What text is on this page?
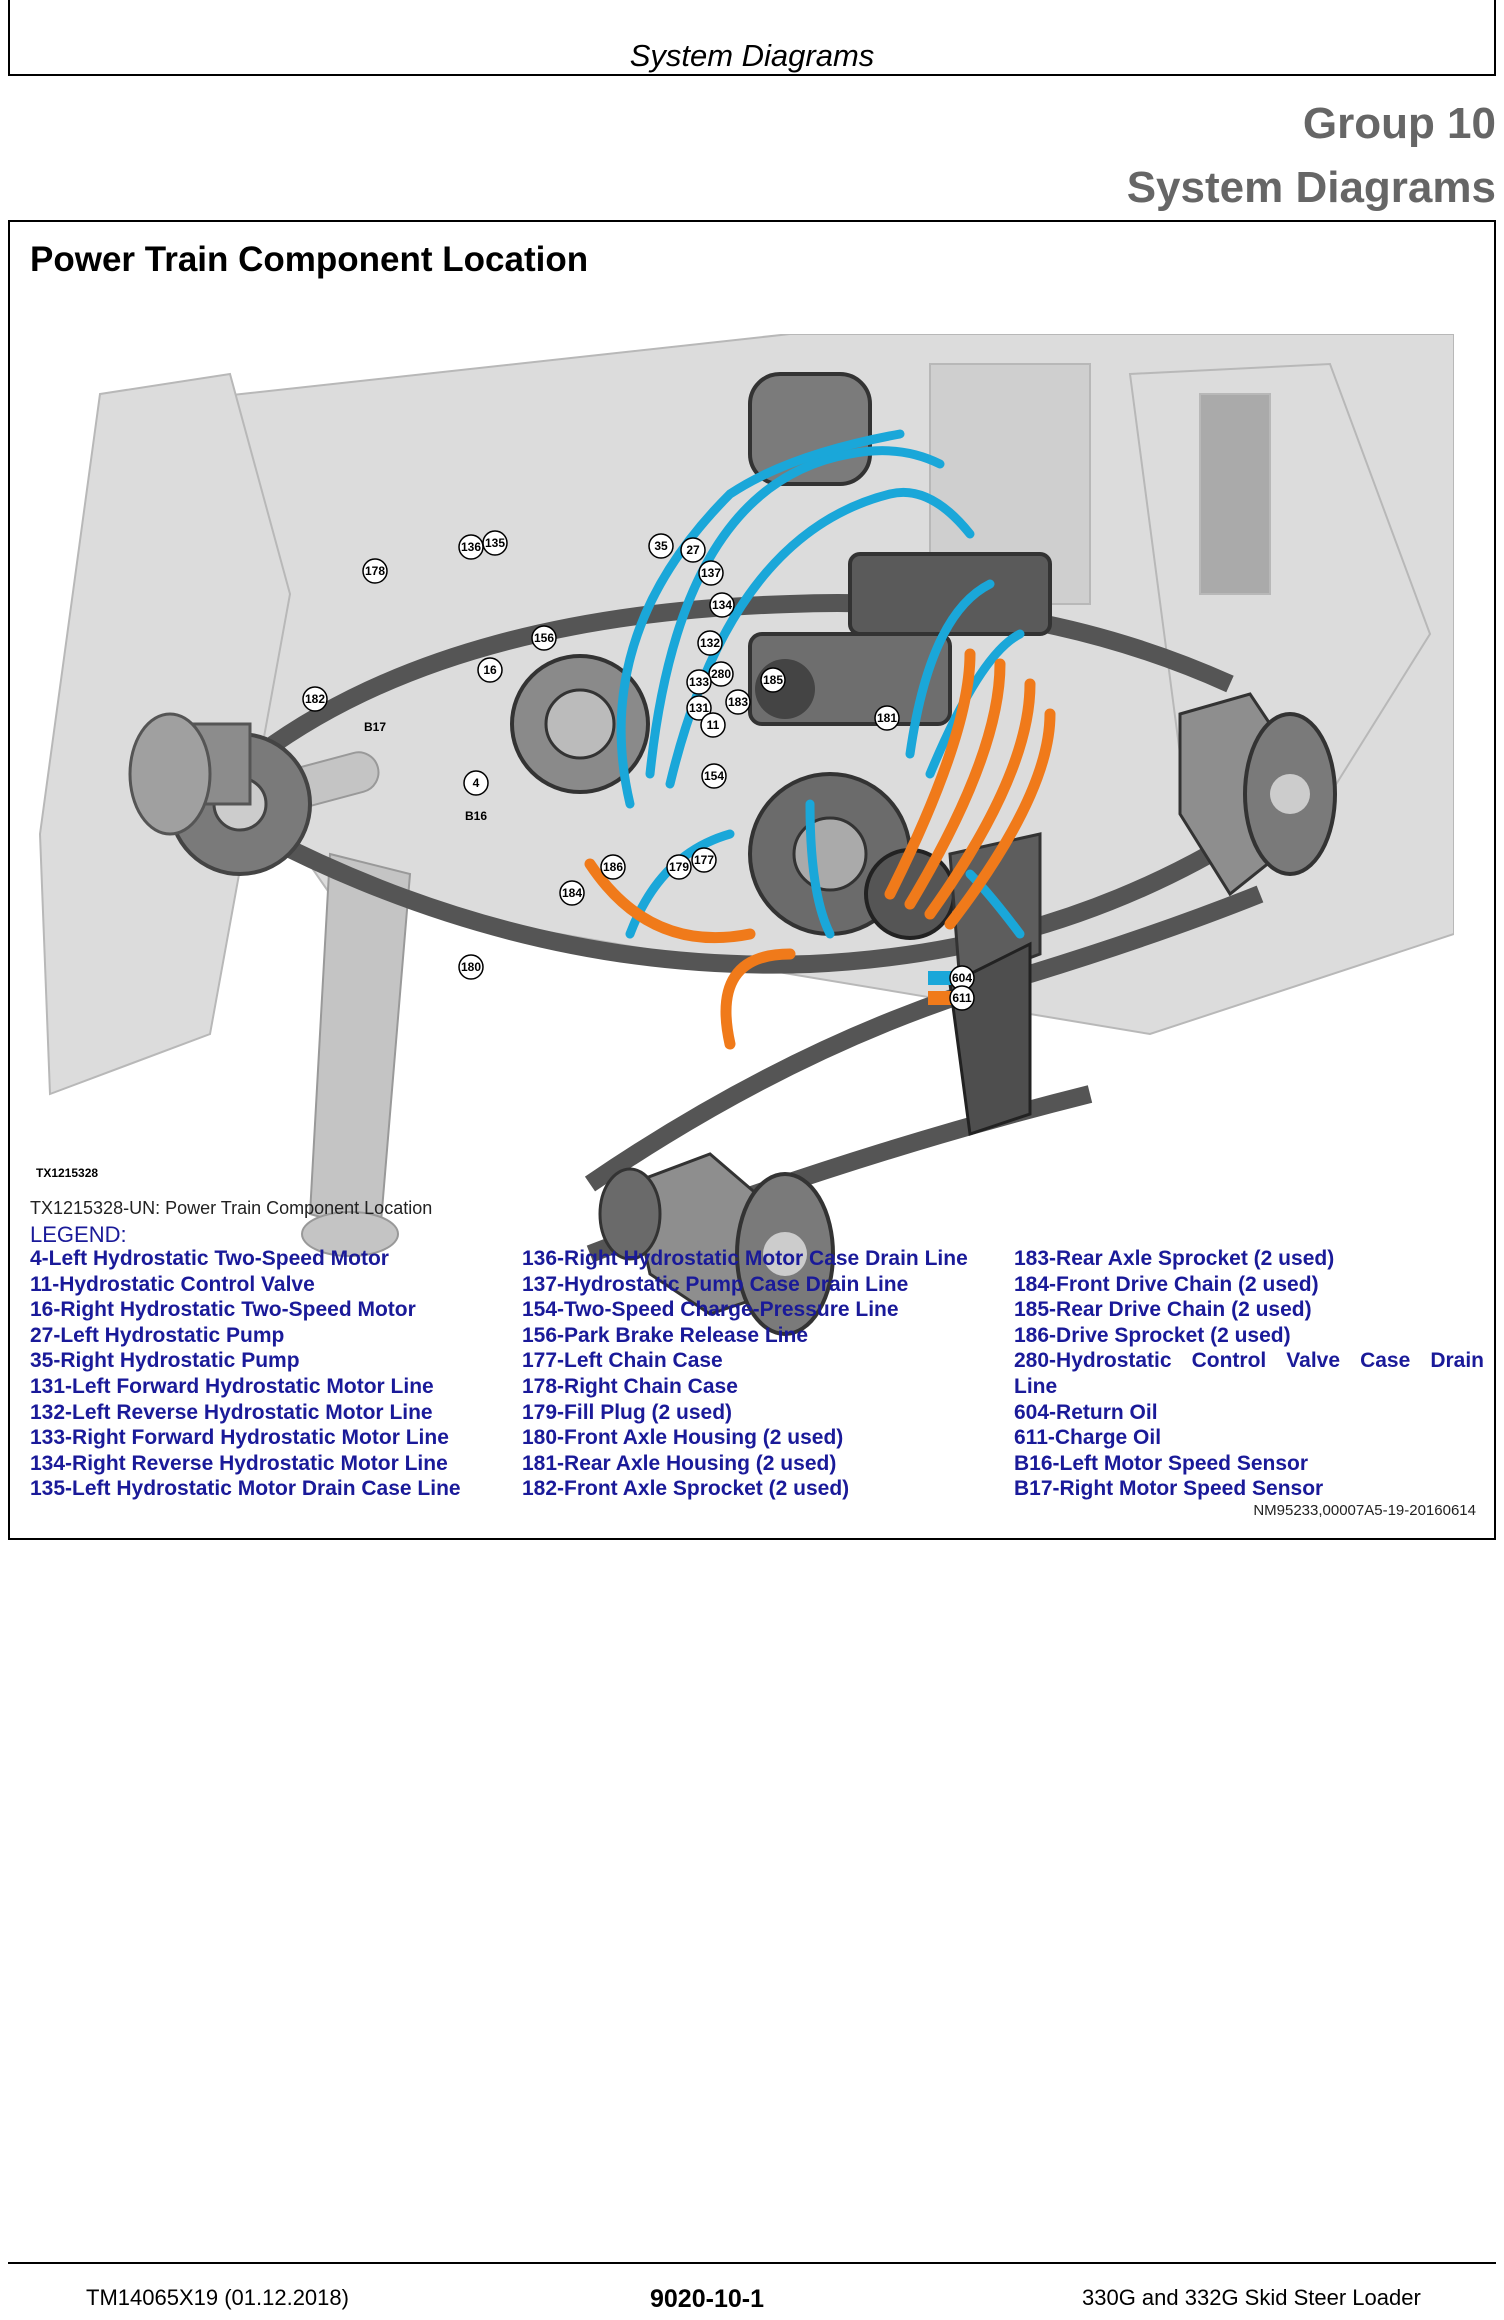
System Diagrams
Group 10
System Diagrams
Power Train Component Location
136 135	35 27
178	137
134
156	132
16	280
133	185
131 183
11	181
182
B17
154
4
B16
177
186	179
184
180
604
611
TX1215328
TX1215328-UN: Power Train Component Location
LEGEND:
4-Left Hydrostatic Two-Speed Motor
11-Hydrostatic Control Valve
16-Right Hydrostatic Two-Speed Motor
27-Left Hydrostatic Pump
35-Right Hydrostatic Pump
131-Left Forward Hydrostatic Motor Line
132-Left Reverse Hydrostatic Motor Line
133-Right Forward Hydrostatic Motor Line
134-Right Reverse Hydrostatic Motor Line
135-Left Hydrostatic Motor Drain Case Line
136-Right Hydrostatic Motor Case Drain Line
137-Hydrostatic Pump Case Drain Line
154-Two-Speed Charge-Pressure Line
156-Park Brake Release Line
177-Left Chain Case
178-Right Chain Case
179-Fill Plug (2 used)
180-Front Axle Housing (2 used)
181-Rear Axle Housing (2 used)
182-Front Axle Sprocket (2 used)
183-Rear Axle Sprocket (2 used)
184-Front Drive Chain (2 used)
185-Rear Drive Chain (2 used)
186-Drive Sprocket (2 used)
280-Hydrostatic Control Valve Case Drain
Line
604-Return Oil
611-Charge Oil
B16-Left Motor Speed Sensor
B17-Right Motor Speed Sensor
NM95233,00007A5-19-20160614
TM14065X19 (01.12.2018)	9020-10-1	330G and 332G Skid Steer Loader
